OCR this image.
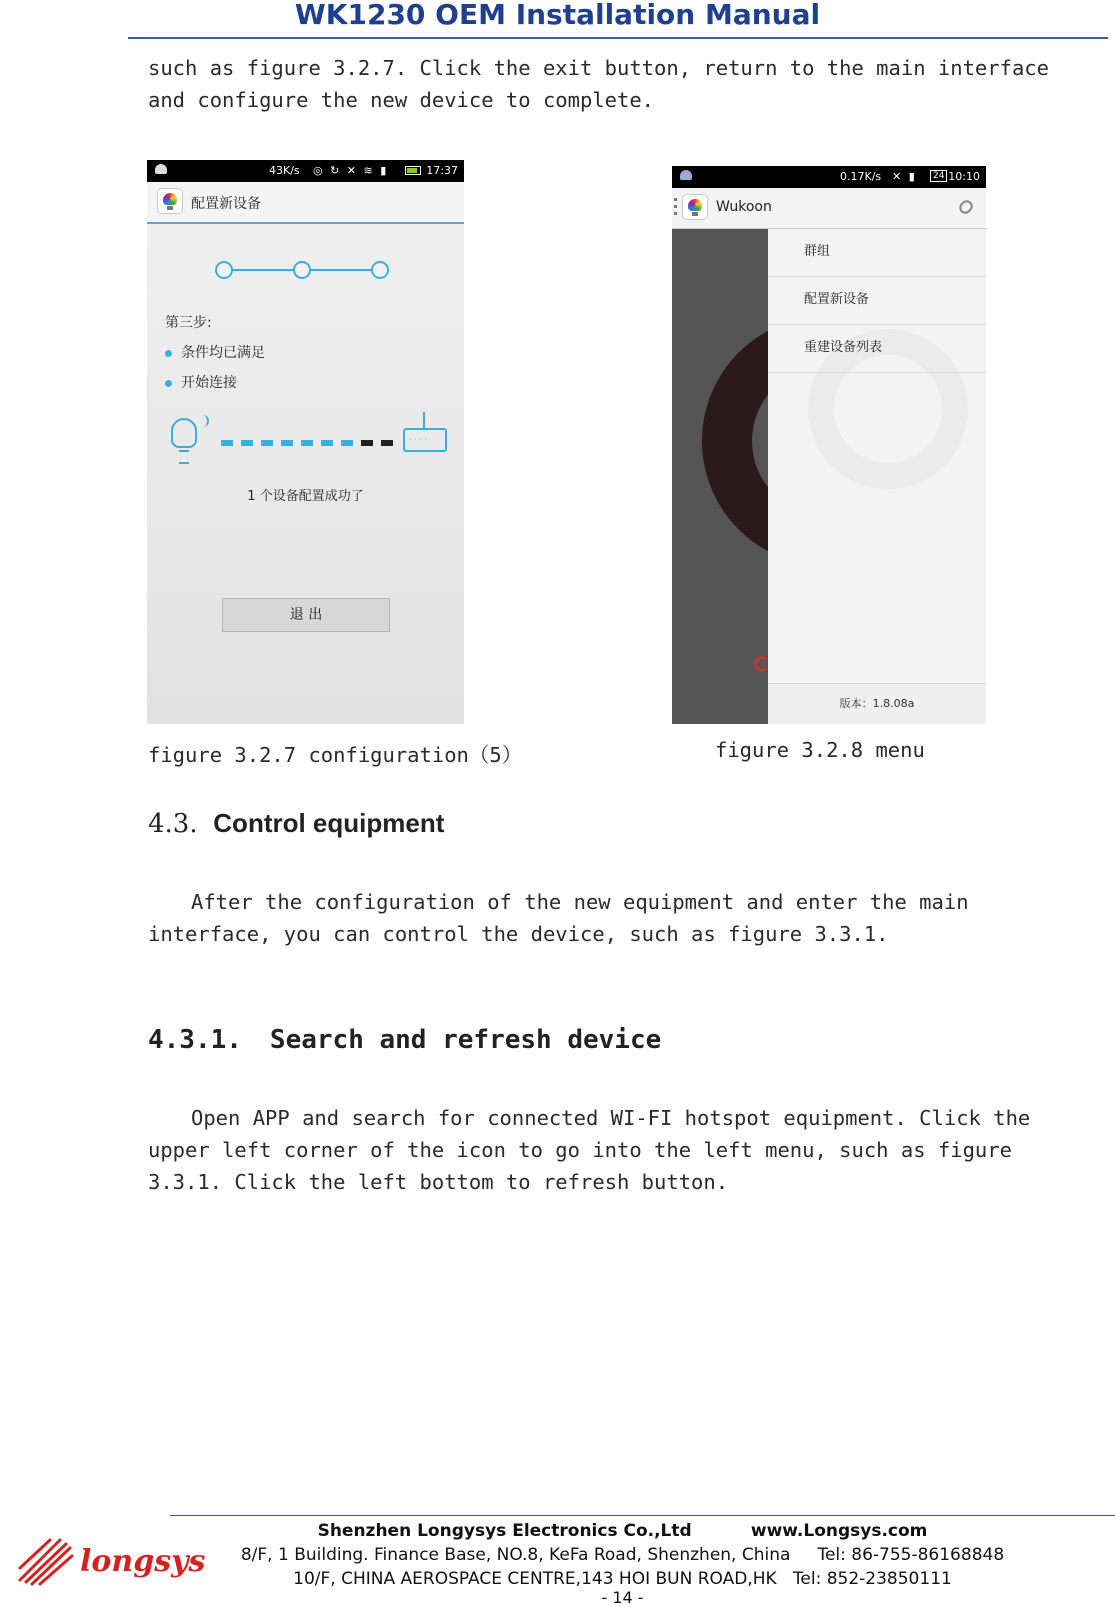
WK1230 OEM Installation Manual
such as figure 3.2.7. Click the exit button, return to the main interface and configure the new device to complete.
43K/s ◎ ↻ ✕ ≋ ▮	17:37
配置新设备
第三步:
条件均已满足
开始连接
· · · ·
1 个设备配置成功了
退 出
0.17K/s ✕ ▮	24 10:10
Wukoon
群组
配置新设备
重建设备列表
版本：1.8.08a
figure 3.2.7 configuration（5）	figure 3.2.8 menu
4.3. Control equipment
After the configuration of the new equipment and enter the main interface, you can control the device, such as figure 3.3.1.
4.3.1. Search and refresh device
Open APP and search for connected WI-FI hotspot equipment. Click the upper left corner of the icon to go into the left menu, such as figure 3.3.1. Click the left bottom to refresh button.
longsys
Shenzhen Longysys Electronics Co.,Ltd	www.Longsys.com
8/F, 1 Building. Finance Base, NO.8, KeFa Road, Shenzhen, China Tel: 86-755-86168848
10/F, CHINA AEROSPACE CENTRE,143 HOI BUN ROAD,HK Tel: 852-23850111
- 14 -
